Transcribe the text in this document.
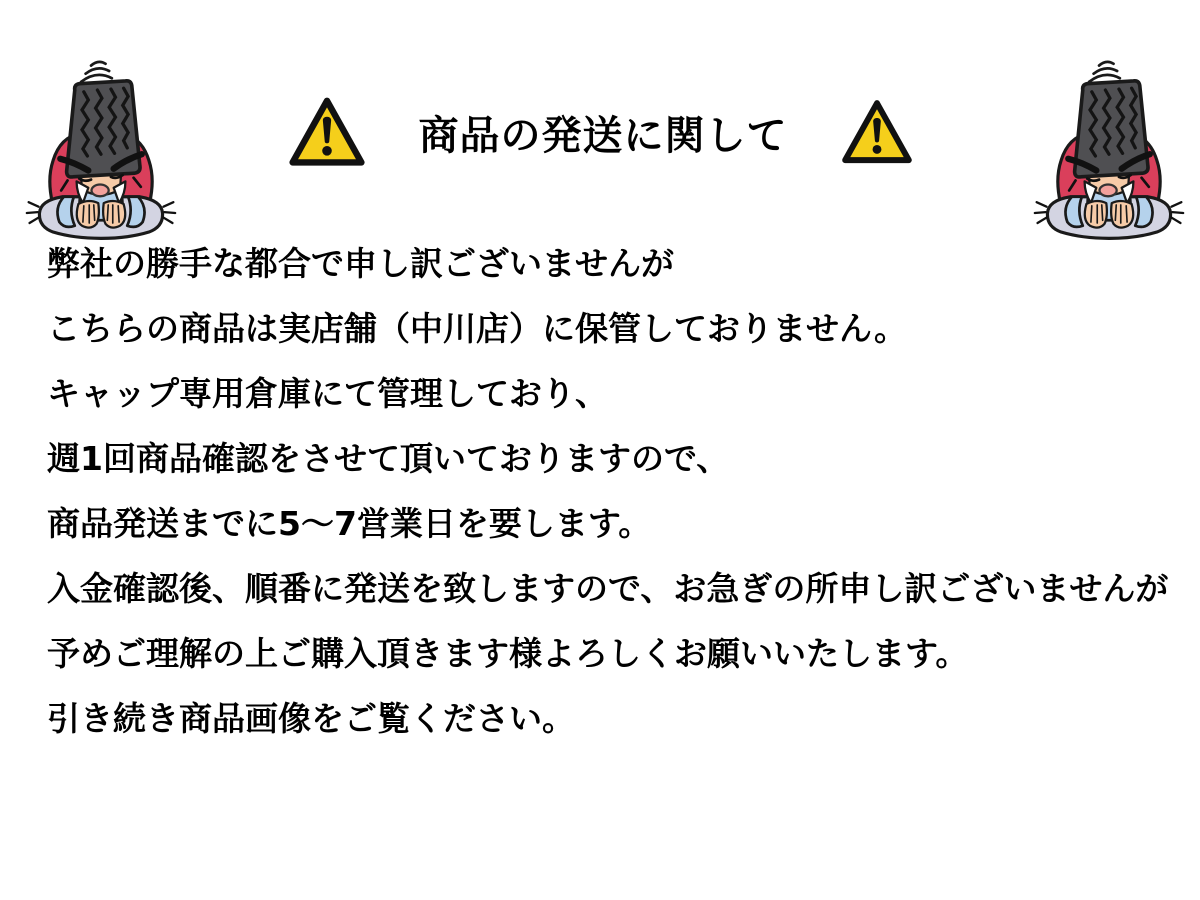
商品の発送に関して

弊社の勝手な都合で申し訳ございませんが

こちらの商品は実店舗（中川店）に保管しておりません。

キャップ専用倉庫にて管理しており、

週1回商品確認をさせて頂いておりますので、

商品発送までに5～7営業日を要します。

入金確認後、順番に発送を致しますので、お急ぎの所申し訳ございませんが

予めご理解の上ご購入頂きます様よろしくお願いいたします。

引き続き商品画像をご覧ください。
